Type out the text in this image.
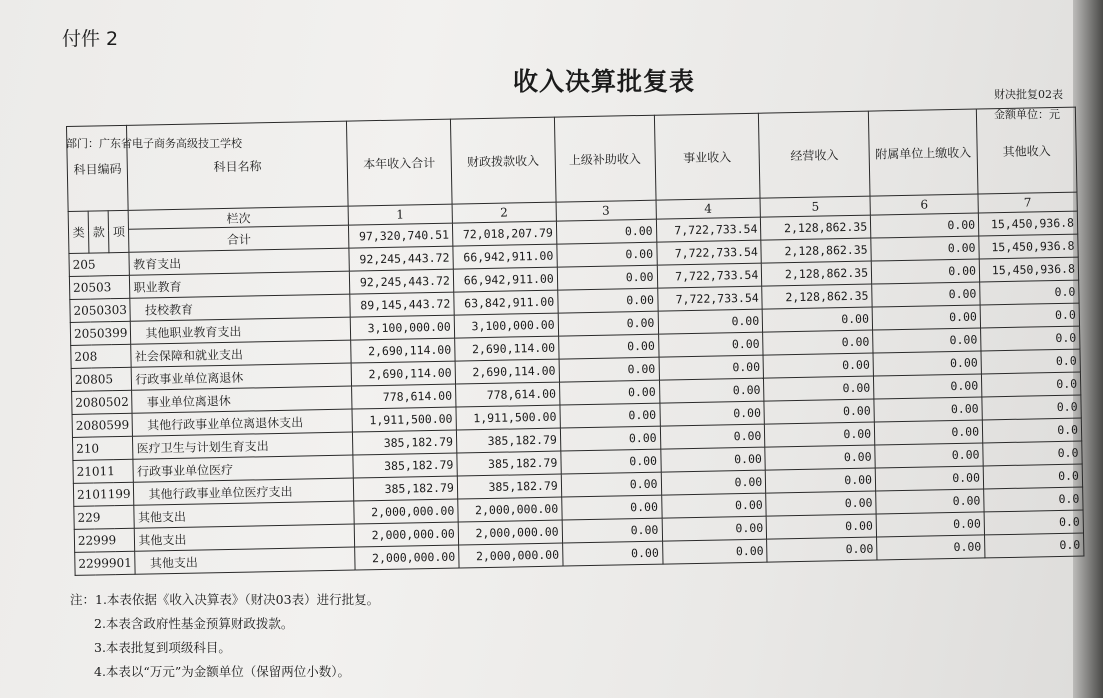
付件 2
收入决算批复表	财决批复02表
金额单位：元
部门：广东省电子商务高级技工学校
科目编码			科目名称	本年收入合计	财政拨款收入	上级补助收入	事业收入	经营收入	附属单位上缴收入	其他收入
类	款	项	栏次	1	2	3	4	5	6	7
			合计	97,320,740.51	72,018,207.79	0.00	7,722,733.54	2,128,862.35	0.00	15,450,936.8
205			教育支出	92,245,443.72	66,942,911.00	0.00	7,722,733.54	2,128,862.35	0.00	15,450,936.8
20503			职业教育	92,245,443.72	66,942,911.00	0.00	7,722,733.54	2,128,862.35	0.00	15,450,936.8
2050303			技校教育	89,145,443.72	63,842,911.00	0.00	7,722,733.54	2,128,862.35	0.00	0.0
2050399			其他职业教育支出	3,100,000.00	3,100,000.00	0.00	0.00	0.00	0.00	0.0
208			社会保障和就业支出	2,690,114.00	2,690,114.00	0.00	0.00	0.00	0.00	0.0
20805			行政事业单位离退休	2,690,114.00	2,690,114.00	0.00	0.00	0.00	0.00	0.0
2080502			事业单位离退休	778,614.00	778,614.00	0.00	0.00	0.00	0.00	0.0
2080599			其他行政事业单位离退休支出	1,911,500.00	1,911,500.00	0.00	0.00	0.00	0.00	0.0
210			医疗卫生与计划生育支出	385,182.79	385,182.79	0.00	0.00	0.00	0.00	0.0
21011			行政事业单位医疗	385,182.79	385,182.79	0.00	0.00	0.00	0.00	0.0
2101199			其他行政事业单位医疗支出	385,182.79	385,182.79	0.00	0.00	0.00	0.00	0.0
229			其他支出	2,000,000.00	2,000,000.00	0.00	0.00	0.00	0.00	0.0
22999			其他支出	2,000,000.00	2,000,000.00	0.00	0.00	0.00	0.00	0.0
2299901			其他支出	2,000,000.00	2,000,000.00	0.00	0.00	0.00	0.00	0.0
注：1.本表依据《收入决算表》（财决03表）进行批复。
2.本表含政府性基金预算财政拨款。
3.本表批复到项级科目。
4.本表以“万元”为金额单位（保留两位小数）。
